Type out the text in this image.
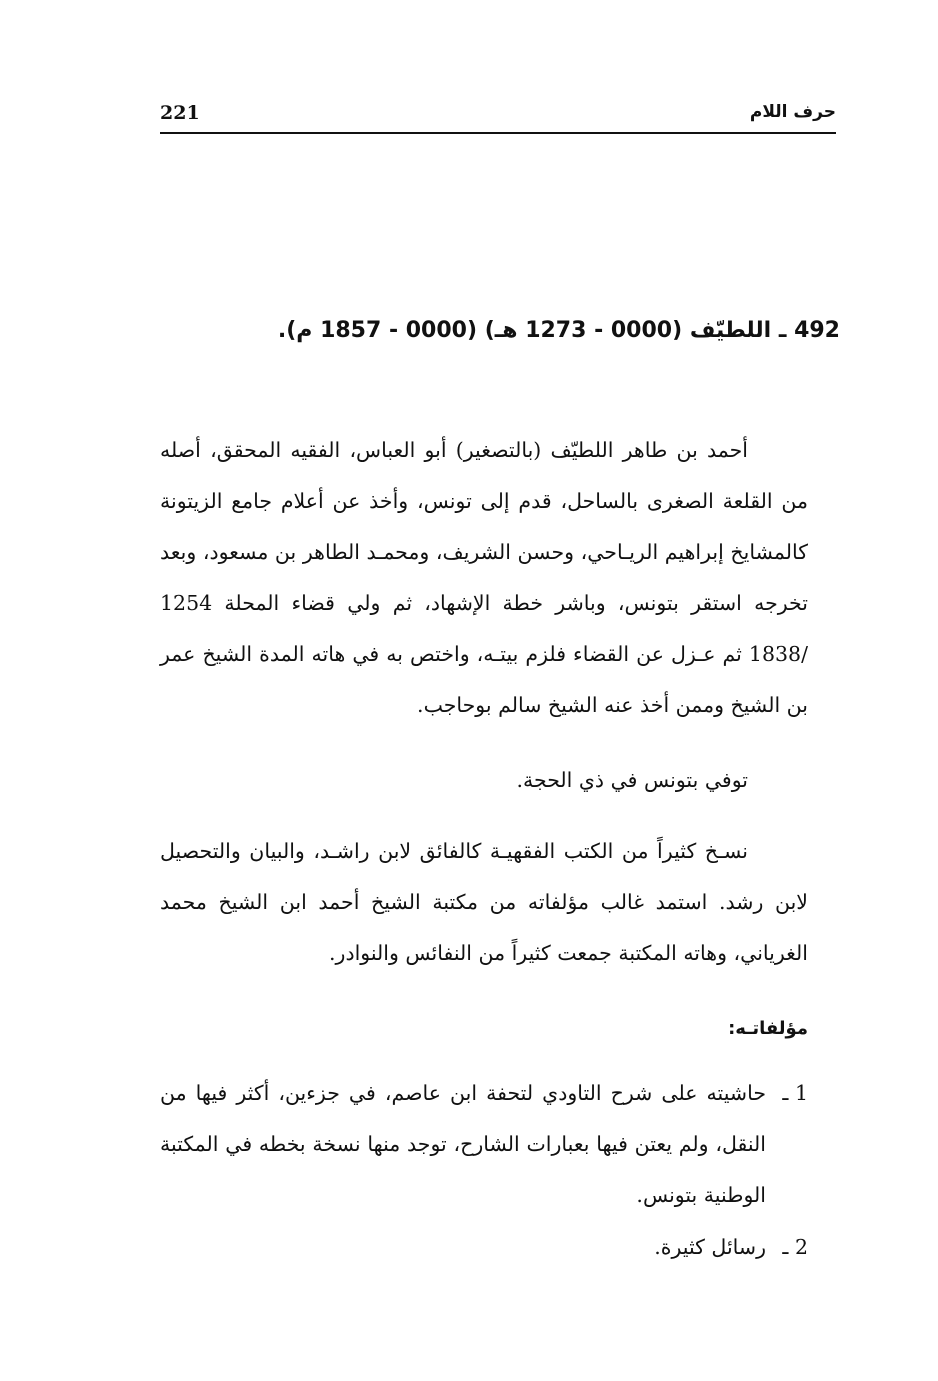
221	حرف اللام
492 ـ اللطيّف (0000 - 1273 هـ) (0000 - 1857 م).

أحمد بن طاهر اللطيّف (بالتصغير) أبو العباس، الفقيه المحقق، أصله من القلعة الصغرى بالساحل، قدم إلى تونس، وأخذ عن أعلام جامع الزيتونة كالمشايخ إبراهيم الريـاحي، وحسن الشريف، ومحمـد الطاهر بن مسعود، وبعد تخرجه استقر بتونس، وباشر خطة الإشهاد، ثم ولي قضاء المحلة 1254 /1838 ثم عـزل عن القضاء فلزم بيتـه، واختص به في هاته المدة الشيخ عمر بن الشيخ وممن أخذ عنه الشيخ سالم بوحاجب.

توفي بتونس في ذي الحجة.

نسـخ كثيراً من الكتب الفقهيـة كالفائق لابن راشـد، والبيان والتحصيل لابن رشد. استمد غالب مؤلفاته من مكتبة الشيخ أحمد ابن الشيخ محمد الغرياني، وهاته المكتبة جمعت كثيراً من النفائس والنوادر.

مؤلفاتـه:
1 ـ
حاشيته على شرح التاودي لتحفة ابن عاصم، في جزءين، أكثر فيها من النقل، ولم يعتن فيها بعبارات الشارح، توجد منها نسخة بخطه في المكتبة الوطنية بتونس.
2 ـ
رسائل كثيرة.
